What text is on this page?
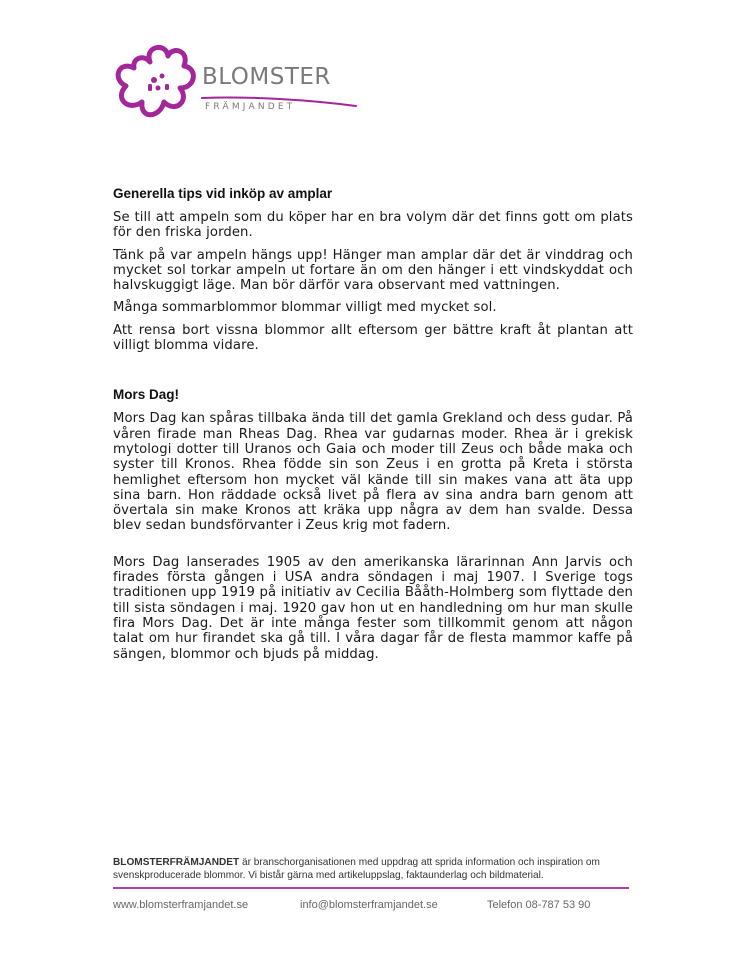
BLOMSTER
FRÄMJANDET

Generella tips vid inköp av amplar

Se till att ampeln som du köper har en bra volym där det finns gott om plats för den friska jorden.

Tänk på var ampeln hängs upp! Hänger man amplar där det är vinddrag och mycket sol torkar ampeln ut fortare än om den hänger i ett vindskyddat och halvskuggigt läge. Man bör därför vara observant med vattningen.

Många sommarblommor blommar villigt med mycket sol.

Att rensa bort vissna blommor allt eftersom ger bättre kraft åt plantan att villigt blomma vidare.

Mors Dag!

Mors Dag kan spåras tillbaka ända till det gamla Grekland och dess gudar. På våren firade man Rheas Dag. Rhea var gudarnas moder. Rhea är i grekisk mytologi dotter till Uranos och Gaia och moder till Zeus och både maka och syster till Kronos. Rhea födde sin son Zeus i en grotta på Kreta i största hemlighet eftersom hon mycket väl kände till sin makes vana att äta upp sina barn. Hon räddade också livet på flera av sina andra barn genom att övertala sin make Kronos att kräka upp några av dem han svalde. Dessa blev sedan bundsförvanter i Zeus krig mot fadern.

Mors Dag lanserades 1905 av den amerikanska lärarinnan Ann Jarvis och firades första gången i USA andra söndagen i maj 1907. I Sverige togs traditionen upp 1919 på initiativ av Cecilia Bååth-Holmberg som flyttade den till sista söndagen i maj. 1920 gav hon ut en handledning om hur man skulle fira Mors Dag. Det är inte många fester som tillkommit genom att någon talat om hur firandet ska gå till. I våra dagar får de flesta mammor kaffe på sängen, blommor och bjuds på middag.

BLOMSTERFRÄMJANDET är branschorganisationen med uppdrag att sprida information och inspiration om svenskproducerade blommor. Vi bistår gärna med artikeluppslag, faktaunderlag och bildmaterial.
www.blomsterframjandet.se	info@blomsterframjandet.se	Telefon 08-787 53 90
